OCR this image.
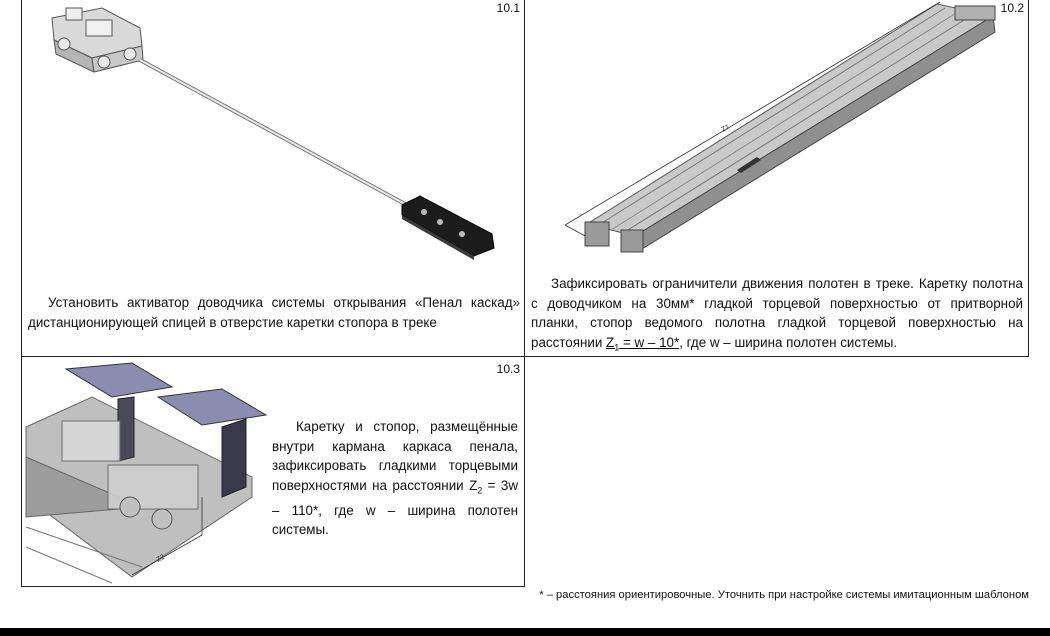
10.1
Установить активатор доводчика системы открывания «Пенал каскад» дистанционирующей спицей в отверстие каретки стопора в треке
10.2
Z1
Зафиксировать ограничители движения полотен в треке. Каретку полотна с доводчиком на 30мм* гладкой торцевой поверхностью от притворной планки, стопор ведомого полотна гладкой торцевой поверхностью на расстоянии $Z_1 = w - 10*$, где w – ширина полотен системы.
10.3
Z2
Каретку и стопор, размещённые внутри кармана каркаса пенала, зафиксировать гладкими торцевыми поверхностями на расстоянии $Z_2 = 3w - 110*$, где w – ширина полотен системы.
* – расстояния ориентировочные. Уточнить при настройке системы имитационным шаблоном
